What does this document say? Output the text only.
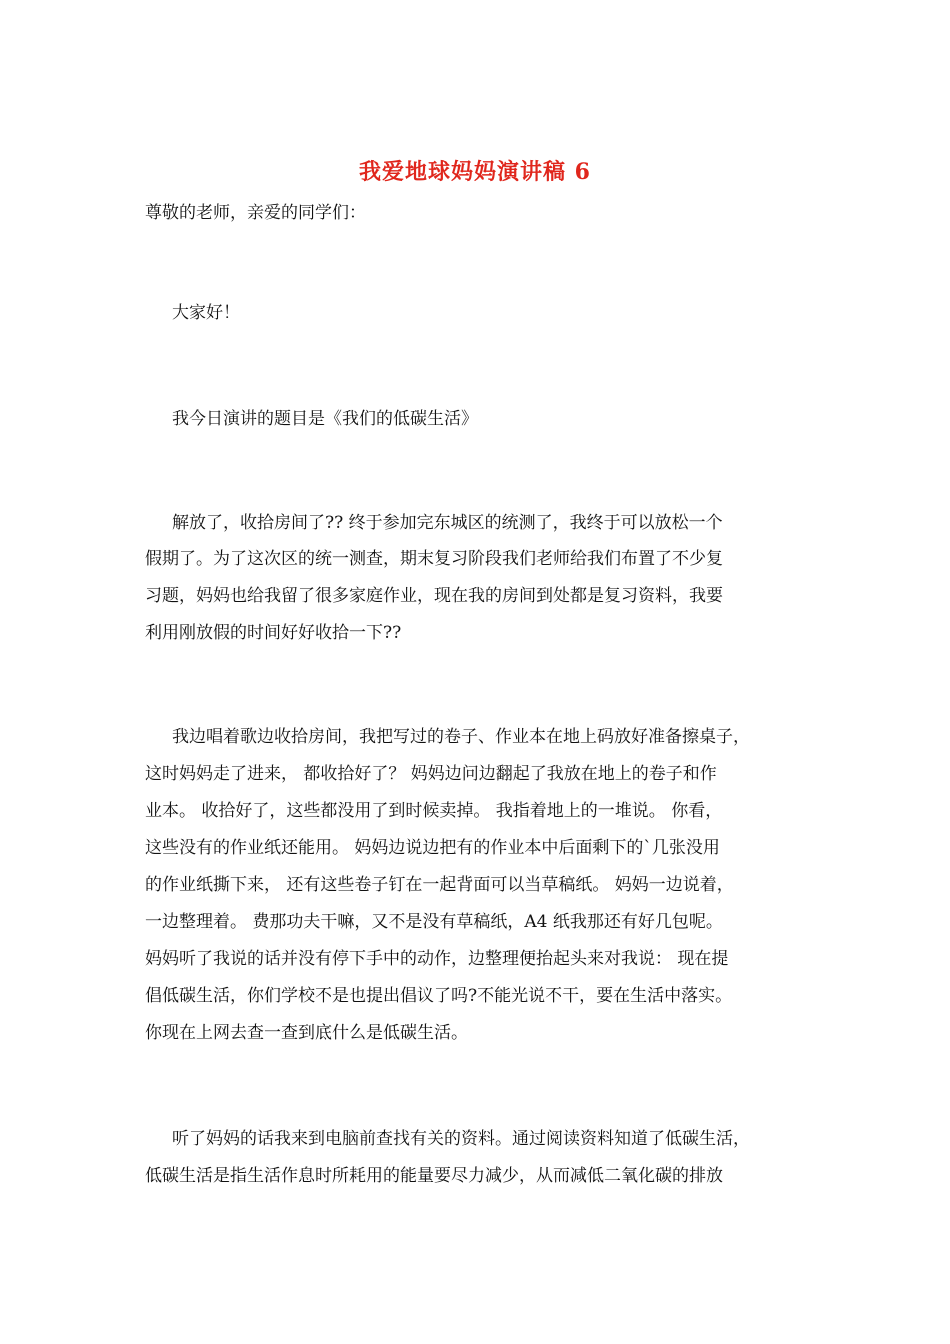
我爱地球妈妈演讲稿 6
尊敬的老师，亲爱的同学们：
大家好！
我今日演讲的题目是《我们的低碳生活》
解放了，收拾房间了?? 终于参加完东城区的统测了，我终于可以放松一个
假期了。为了这次区的统一测查，期末复习阶段我们老师给我们布置了不少复
习题，妈妈也给我留了很多家庭作业，现在我的房间到处都是复习资料，我要
利用刚放假的时间好好收拾一下??
我边唱着歌边收拾房间，我把写过的卷子、作业本在地上码放好准备擦桌子，
这时妈妈走了进来， 都收拾好了？ 妈妈边问边翻起了我放在地上的卷子和作
业本。 收拾好了，这些都没用了到时候卖掉。 我指着地上的一堆说。 你看，
这些没有的作业纸还能用。 妈妈边说边把有的作业本中后面剩下的`几张没用
的作业纸撕下来， 还有这些卷子钉在一起背面可以当草稿纸。 妈妈一边说着，
一边整理着。 费那功夫干嘛，又不是没有草稿纸，A4 纸我那还有好几包呢。
妈妈听了我说的话并没有停下手中的动作，边整理便抬起头来对我说： 现在提
倡低碳生活，你们学校不是也提出倡议了吗?不能光说不干，要在生活中落实。
你现在上网去查一查到底什么是低碳生活。
听了妈妈的话我来到电脑前查找有关的资料。通过阅读资料知道了低碳生活，
低碳生活是指生活作息时所耗用的能量要尽力减少，从而减低二氧化碳的排放
